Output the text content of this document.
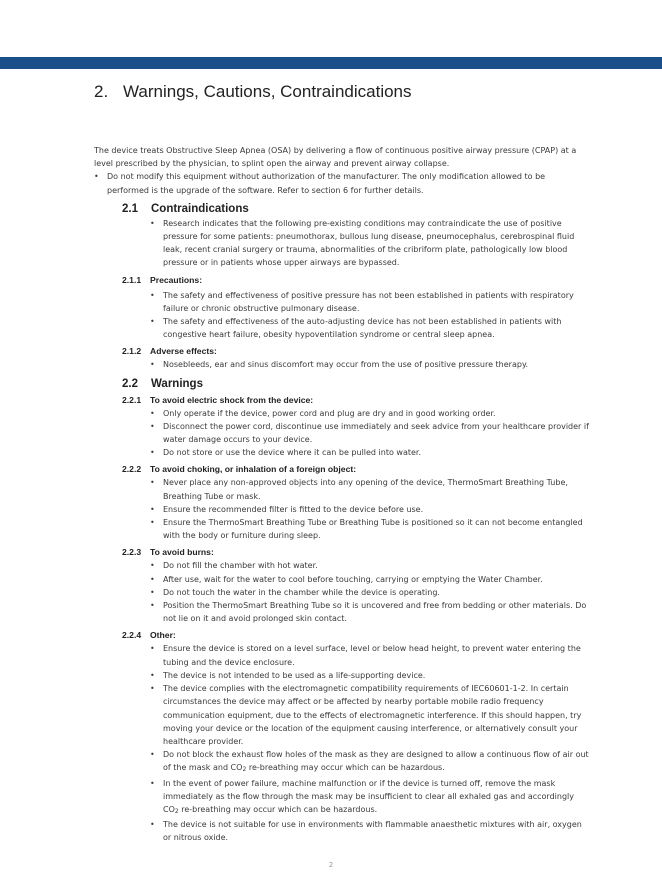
2. Warnings, Cautions, Contraindications

The device treats Obstructive Sleep Apnea (OSA) by delivering a flow of continuous positive airway pressure (CPAP) at a level prescribed by the physician, to splint open the airway and prevent airway collapse.

• Do not modify this equipment without authorization of the manufacturer. The only modification allowed to be performed is the upgrade of the software. Refer to section 6 for further details.
2.1 Contraindications
• Research indicates that the following pre-existing conditions may contraindicate the use of positive pressure for some patients: pneumothorax, bullous lung disease, pneumocephalus, cerebrospinal fluid leak, recent cranial surgery or trauma, abnormalities of the cribriform plate, pathologically low blood pressure or in patients whose upper airways are bypassed.
2.1.1 Precautions:
• The safety and effectiveness of positive pressure has not been established in patients with respiratory failure or chronic obstructive pulmonary disease.
• The safety and effectiveness of the auto-adjusting device has not been established in patients with congestive heart failure, obesity hypoventilation syndrome or central sleep apnea.
2.1.2 Adverse effects:
• Nosebleeds, ear and sinus discomfort may occur from the use of positive pressure therapy.
2.2 Warnings
2.2.1 To avoid electric shock from the device:
• Only operate if the device, power cord and plug are dry and in good working order.
• Disconnect the power cord, discontinue use immediately and seek advice from your healthcare provider if water damage occurs to your device.
• Do not store or use the device where it can be pulled into water.
2.2.2 To avoid choking, or inhalation of a foreign object:
• Never place any non-approved objects into any opening of the device, ThermoSmart Breathing Tube, Breathing Tube or mask.
• Ensure the recommended filter is fitted to the device before use.
• Ensure the ThermoSmart Breathing Tube or Breathing Tube is positioned so it can not become entangled with the body or furniture during sleep.
2.2.3 To avoid burns:
• Do not fill the chamber with hot water.
• After use, wait for the water to cool before touching, carrying or emptying the Water Chamber.
• Do not touch the water in the chamber while the device is operating.
• Position the ThermoSmart Breathing Tube so it is uncovered and free from bedding or other materials. Do not lie on it and avoid prolonged skin contact.
2.2.4 Other:
• Ensure the device is stored on a level surface, level or below head height, to prevent water entering the tubing and the device enclosure.
• The device is not intended to be used as a life-supporting device.
• The device complies with the electromagnetic compatibility requirements of IEC60601-1-2. In certain circumstances the device may affect or be affected by nearby portable mobile radio frequency communication equipment, due to the effects of electromagnetic interference. If this should happen, try moving your device or the location of the equipment causing interference, or alternatively consult your healthcare provider.
• Do not block the exhaust flow holes of the mask as they are designed to allow a continuous flow of air out of the mask and $CO_2$ re-breathing may occur which can be hazardous.
• In the event of power failure, machine malfunction or if the device is turned off, remove the mask immediately as the flow through the mask may be insufficient to clear all exhaled gas and accordingly $CO_2$ re-breathing may occur which can be hazardous.
• The device is not suitable for use in environments with flammable anaesthetic mixtures with air, oxygen or nitrous oxide.
2
